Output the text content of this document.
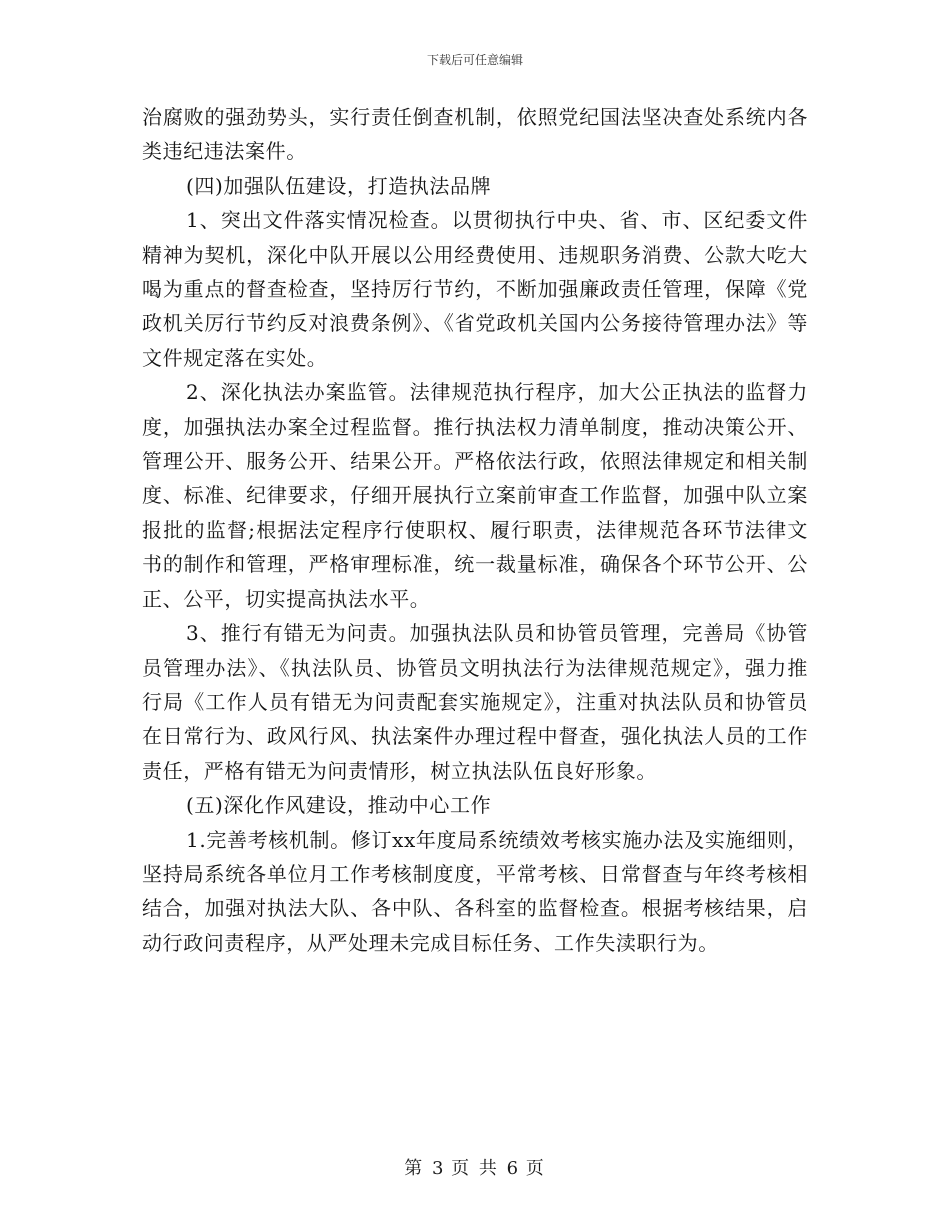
下载后可任意编辑

治腐败的强劲势头，实行责任倒查机制，依照党纪国法坚决查处系统内各类违纪违法案件。

(四)加强队伍建设，打造执法品牌

1、突出文件落实情况检查。以贯彻执行中央、省、市、区纪委文件精神为契机，深化中队开展以公用经费使用、违规职务消费、公款大吃大喝为重点的督查检查，坚持厉行节约，不断加强廉政责任管理，保障《党政机关厉行节约反对浪费条例》、《省党政机关国内公务接待管理办法》等文件规定落在实处。

2、深化执法办案监管。法律规范执行程序，加大公正执法的监督力度，加强执法办案全过程监督。推行执法权力清单制度，推动决策公开、管理公开、服务公开、结果公开。严格依法行政，依照法律规定和相关制度、标准、纪律要求，仔细开展执行立案前审查工作监督，加强中队立案报批的监督;根据法定程序行使职权、履行职责，法律规范各环节法律文书的制作和管理，严格审理标准，统一裁量标准，确保各个环节公开、公正、公平，切实提高执法水平。

3、推行有错无为问责。加强执法队员和协管员管理，完善局《协管员管理办法》、《执法队员、协管员文明执法行为法律规范规定》，强力推行局《工作人员有错无为问责配套实施规定》，注重对执法队员和协管员在日常行为、政风行风、执法案件办理过程中督查，强化执法人员的工作责任，严格有错无为问责情形，树立执法队伍良好形象。

(五)深化作风建设，推动中心工作

1.完善考核机制。修订xx年度局系统绩效考核实施办法及实施细则，坚持局系统各单位月工作考核制度度，平常考核、日常督查与年终考核相结合，加强对执法大队、各中队、各科室的监督检查。根据考核结果，启动行政问责程序，从严处理未完成目标任务、工作失渎职行为。

第 3 页 共 6 页
